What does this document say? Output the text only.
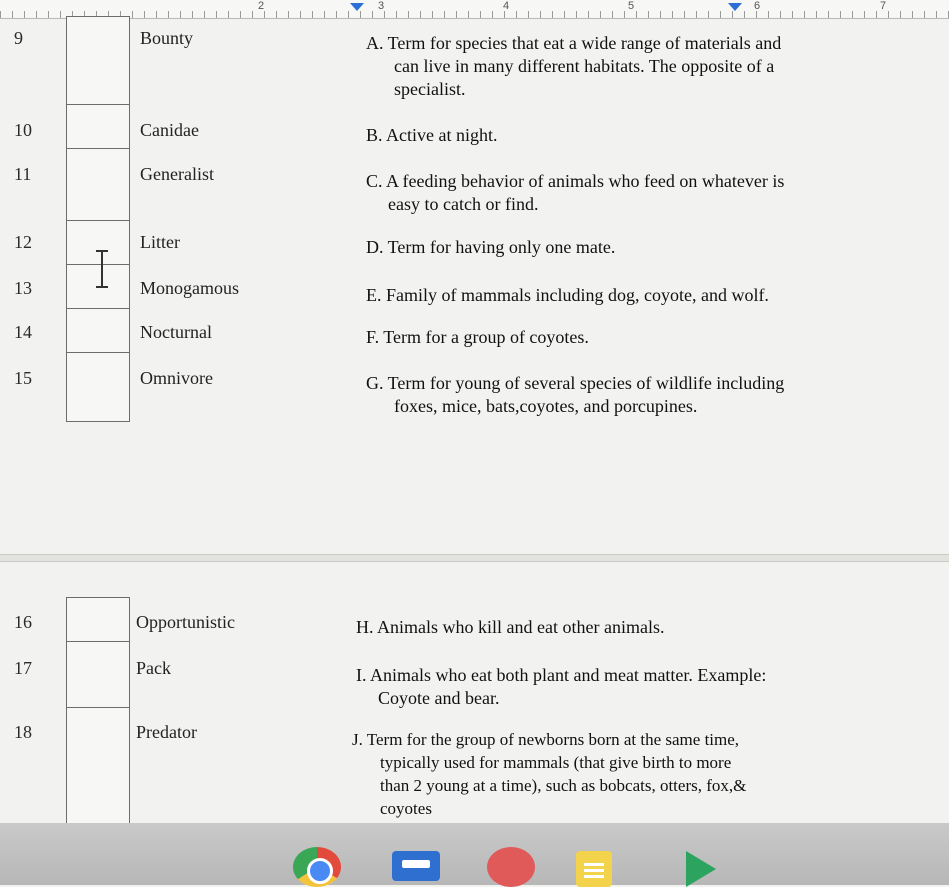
2	3	4	5	6	7
9	Bounty	A. Term for species that eat a wide range of materials and
can live in many different habitats. The opposite of a
specialist.
10	Canidae	B. Active at night.
11	Generalist	C. A feeding behavior of animals who feed on whatever is
easy to catch or find.
12	Litter	D. Term for having only one mate.
13	Monogamous	E. Family of mammals including dog, coyote, and wolf.
14	Nocturnal	F. Term for a group of coyotes.
15	Omnivore	G. Term for young of several species of wildlife including
foxes, mice, bats,coyotes, and porcupines.
16	Opportunistic	H. Animals who kill and eat other animals.
17	Pack	I. Animals who eat both plant and meat matter. Example:
Coyote and bear.
18	Predator	J. Term for the group of newborns born at the same time,
typically used for mammals (that give birth to more
than 2 young at a time), such as bobcats, otters, fox,&
coyotes
